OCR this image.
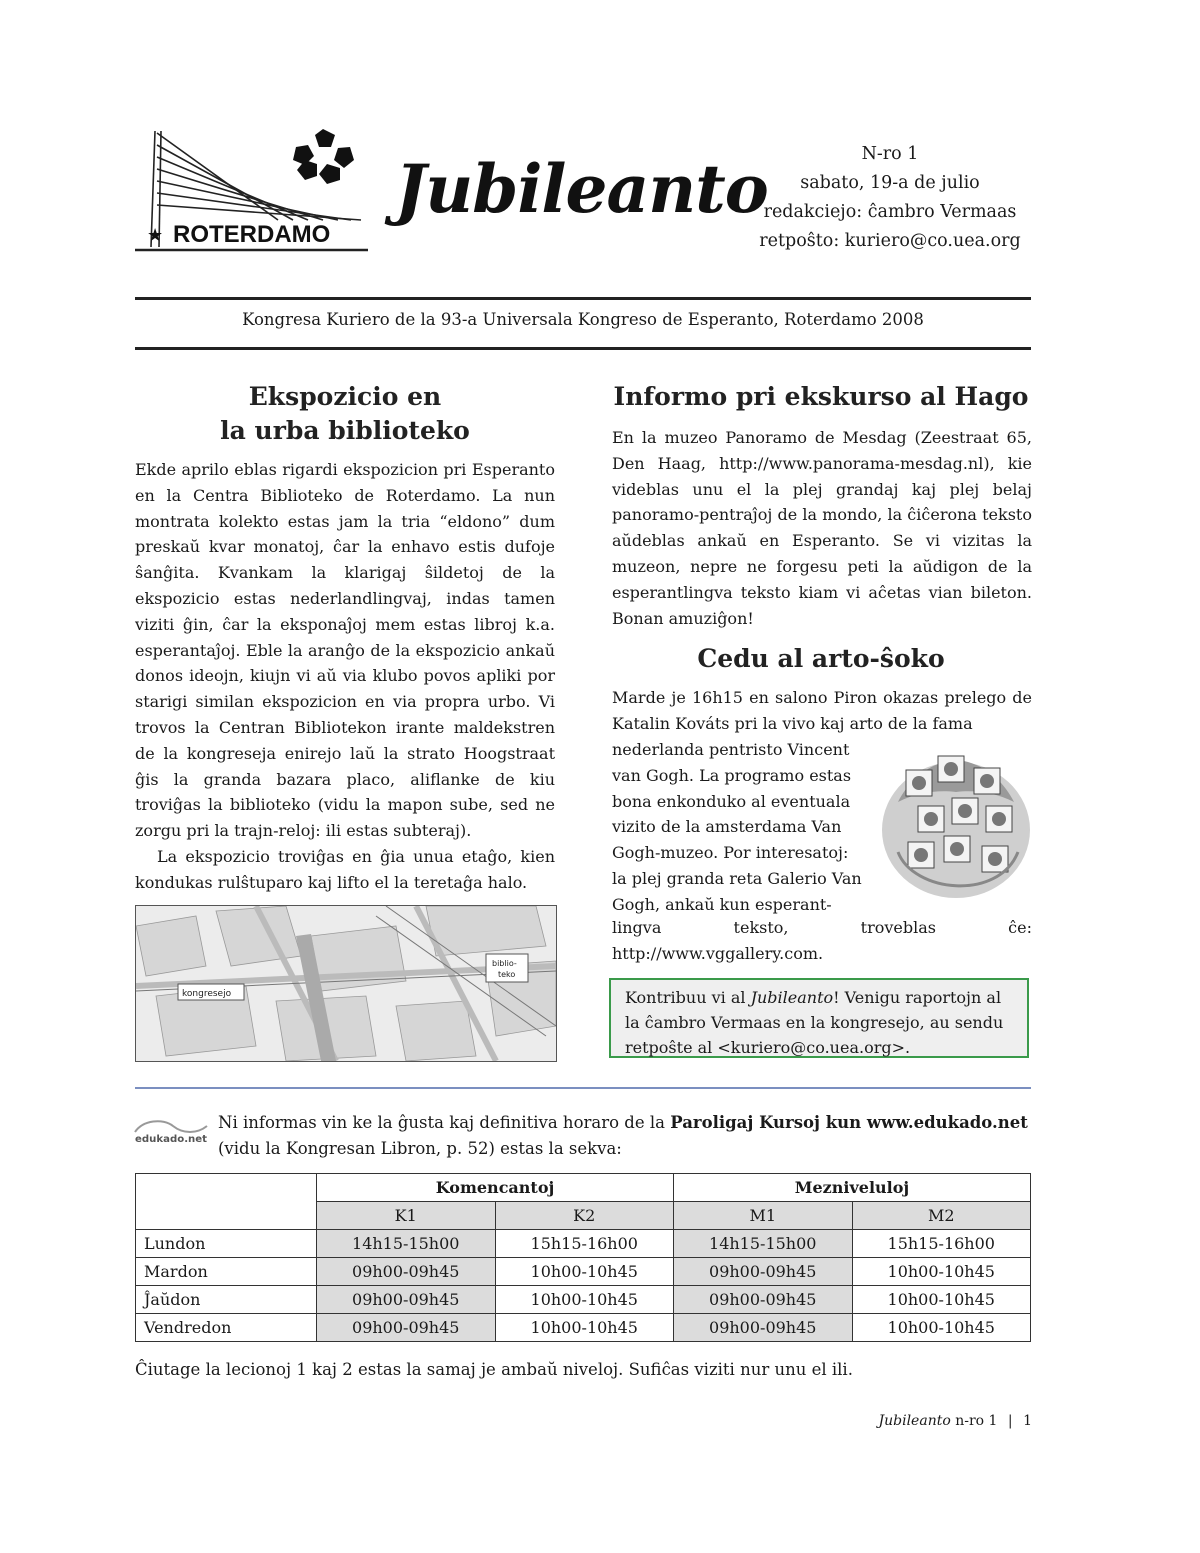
★ ROTERDAMO
Jubileanto	N-ro 1
sabato, 19-a de julio
redakciejo: ĉambro Vermaas
retpoŝto: kuriero@co.uea.org
Kongresa Kuriero de la 93-a Universala Kongreso de Esperanto, Roterdamo 2008
Ekspozicio en
la urba biblioteko

Ekde aprilo eblas rigardi ekspozicion pri Esperanto en la Centra Biblioteko de Roterdamo. La nun montrata kolekto estas jam la tria “eldono” dum preskaŭ kvar monatoj, ĉar la enhavo estis dufoje ŝanĝita. Kvankam la klarigaj ŝildetoj de la ekspozicio estas nederlandlingvaj, indas tamen viziti ĝin, ĉar la eksponaĵoj mem estas libroj k.a. esperantaĵoj. Eble la aranĝo de la ekspozicio ankaŭ donos ideojn, kiujn vi aŭ via klubo povos apliki por starigi similan ekspozicion en via propra urbo. Vi trovos la Centran Bibliotekon irante maldekstren de la kongreseja enirejo laŭ la strato Hoogstraat ĝis la granda bazara placo, aliflanke de kiu troviĝas la biblioteko (vidu la mapon sube, sed ne zorgu pri la trajn-reloj: ili estas subteraj).

La ekspozicio troviĝas en ĝia unua etaĝo, kien kondukas rulŝtuparo kaj lifto el la teretaĝa halo.

kongresejo
biblio-
teko
Informo pri ekskurso al Hago

En la muzeo Panoramo de Mesdag (Zeestraat 65, Den Haag, http://www.panorama-mesdag.nl), kie videblas unu el la plej grandaj kaj plej belaj panoramo-pentraĵoj de la mondo, la ĉiĉerona teksto aŭdeblas ankaŭ en Esperanto. Se vi vizitas la muzeon, nepre ne forgesu peti la aŭdigon de la esperantlingva teksto kiam vi aĉetas vian bileton. Bonan amuziĝon!

Cedu al arto-ŝoko
Marde je 16h15 en salono Piron okazas prelego de Katalin Kováts pri la vivo kaj arto de la fama
nederlanda pentristo Vincent van Gogh. La programo estas bona enkonduko al eventuala vizito de la amsterdama Van Gogh-muzeo. Por interesatoj: la plej granda reta Galerio Van Gogh, ankaŭ kun esperant-
lingva teksto, troveblas ĉe: http://www.vggallery.com.
Kontribuu vi al Jubileanto! Venigu raportojn al la ĉambro Vermaas en la kongresejo, au sendu retpoŝte al <kuriero@co.uea.org>.
edukado.net
Ni informas vin ke la ĝusta kaj definitiva horaro de la Paroligaj Kursoj kun www.edukado.net (vidu la Kongresan Libron, p. 52) estas la sekva:
	Komencantoj		Mezniveluloj	
	K1	K2	M1	M2
Lundon	14h15-15h00	15h15-16h00	14h15-15h00	15h15-16h00
Mardon	09h00-09h45	10h00-10h45	09h00-09h45	10h00-10h45
Ĵaŭdon	09h00-09h45	10h00-10h45	09h00-09h45	10h00-10h45
Vendredon	09h00-09h45	10h00-10h45	09h00-09h45	10h00-10h45
Ĉiutage la lecionoj 1 kaj 2 estas la samaj je ambaŭ niveloj. Sufiĉas viziti nur unu el ili.
Jubileanto n-ro 1 | 1
